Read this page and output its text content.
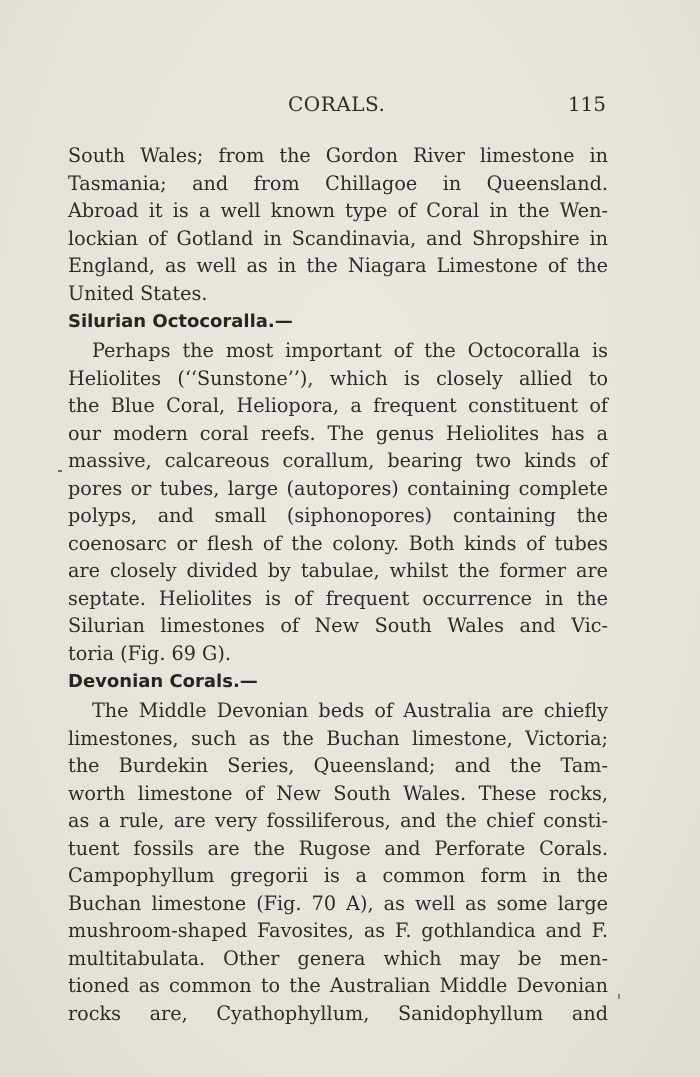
CORALS.	115
South Wales; from the Gordon River limestone in
Tasmania; and from Chillagoe in Queensland.
Abroad it is a well known type of Coral in the Wen-
lockian of Gotland in Scandinavia, and Shropshire in
England, as well as in the Niagara Limestone of the
United States.
Silurian Octocoralla.—
Perhaps the most important of the Octocoralla is
Heliolites (‘‘Sunstone’’), which is closely allied to
the Blue Coral, Heliopora, a frequent constituent of
our modern coral reefs. The genus Heliolites has a
massive, calcareous corallum, bearing two kinds of
pores or tubes, large (autopores) containing complete
polyps, and small (siphonopores) containing the
coenosarc or flesh of the colony. Both kinds of tubes
are closely divided by tabulae, whilst the former are
septate. Heliolites is of frequent occurrence in the
Silurian limestones of New South Wales and Vic-
toria (Fig. 69 G).
Devonian Corals.—
The Middle Devonian beds of Australia are chiefly
limestones, such as the Buchan limestone, Victoria;
the Burdekin Series, Queensland; and the Tam-
worth limestone of New South Wales. These rocks,
as a rule, are very fossiliferous, and the chief consti-
tuent fossils are the Rugose and Perforate Corals.
Campophyllum gregorii is a common form in the
Buchan limestone (Fig. 70 A), as well as some large
mushroom-shaped Favosites, as F. gothlandica and F.
multitabulata. Other genera which may be men-
tioned as common to the Australian Middle Devonian
rocks are, Cyathophyllum, Sanidophyllum and
